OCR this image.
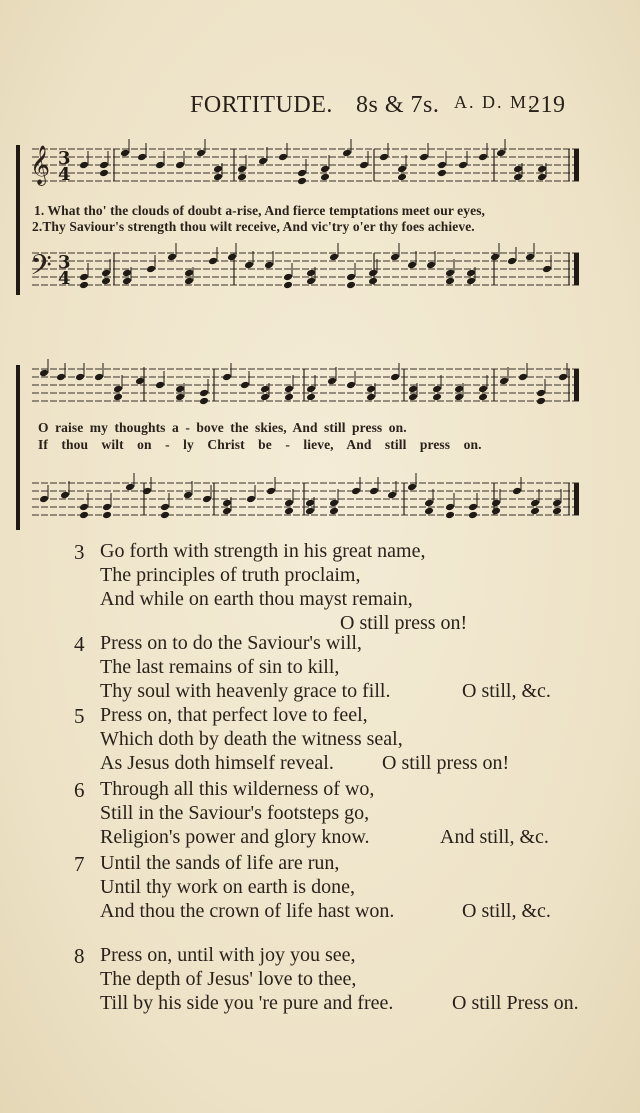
FORTITUDE. 8s & 7s. A. D. M.
219
𝄞 3
4
𝄢 3
4
1. What tho' the clouds of doubt a-rise, And fierce temptations meet our eyes,
2.Thy Saviour's strength thou wilt receive, And vic'try o'er thy foes achieve.
O raise my thoughts a - bove the skies, And still press on.
If thou wilt on - ly Christ be - lieve, And still press on.
3 Go forth with strength in his great name,
The principles of truth proclaim,
And while on earth thou mayst remain,
O still press on!
4 Press on to do the Saviour's will,
The last remains of sin to kill,
Thy soul with heavenly grace to fill.	O still, &c.
5 Press on, that perfect love to feel,
Which doth by death the witness seal,
As Jesus doth himself reveal. O still press on!
6 Through all this wilderness of wo,
Still in the Saviour's footsteps go,
Religion's power and glory know.	And still, &c.
7 Until the sands of life are run,
Until thy work on earth is done,
And thou the crown of life hast won.	O still, &c.
8 Press on, until with joy you see,
The depth of Jesus' love to thee,
Till by his side you 're pure and free.	O still Press on.
